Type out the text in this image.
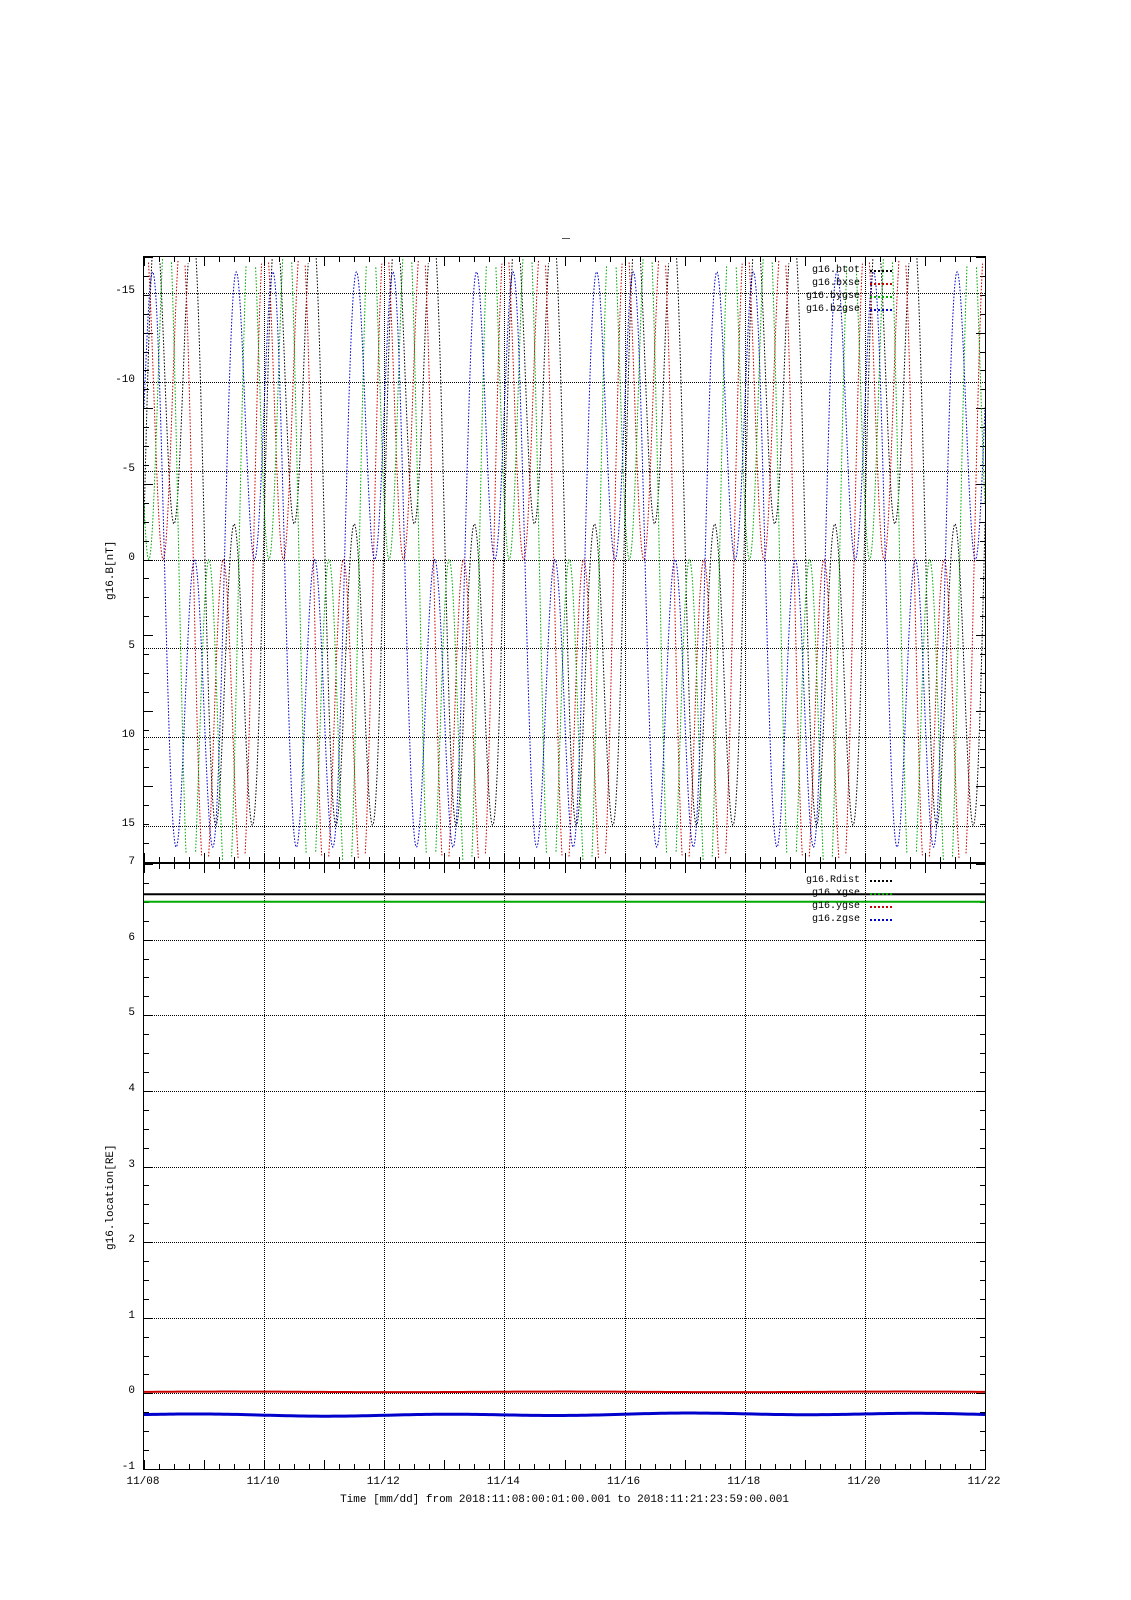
15
10
5
0
-5
-10
-15
g16.B[nT]
g16.btot
g16.bxse
g16.bygse
g16.bzgse
7
6
5
4
3
2
1
0
-1
g16.location[RE]
g16.Rdist
g16.xgse
g16.ygse
g16.zgse
11/08	11/10	11/12	11/14	11/16	11/18	11/20	11/22
Time [mm/dd] from 2018:11:08:00:01:00.001 to 2018:11:21:23:59:00.001
